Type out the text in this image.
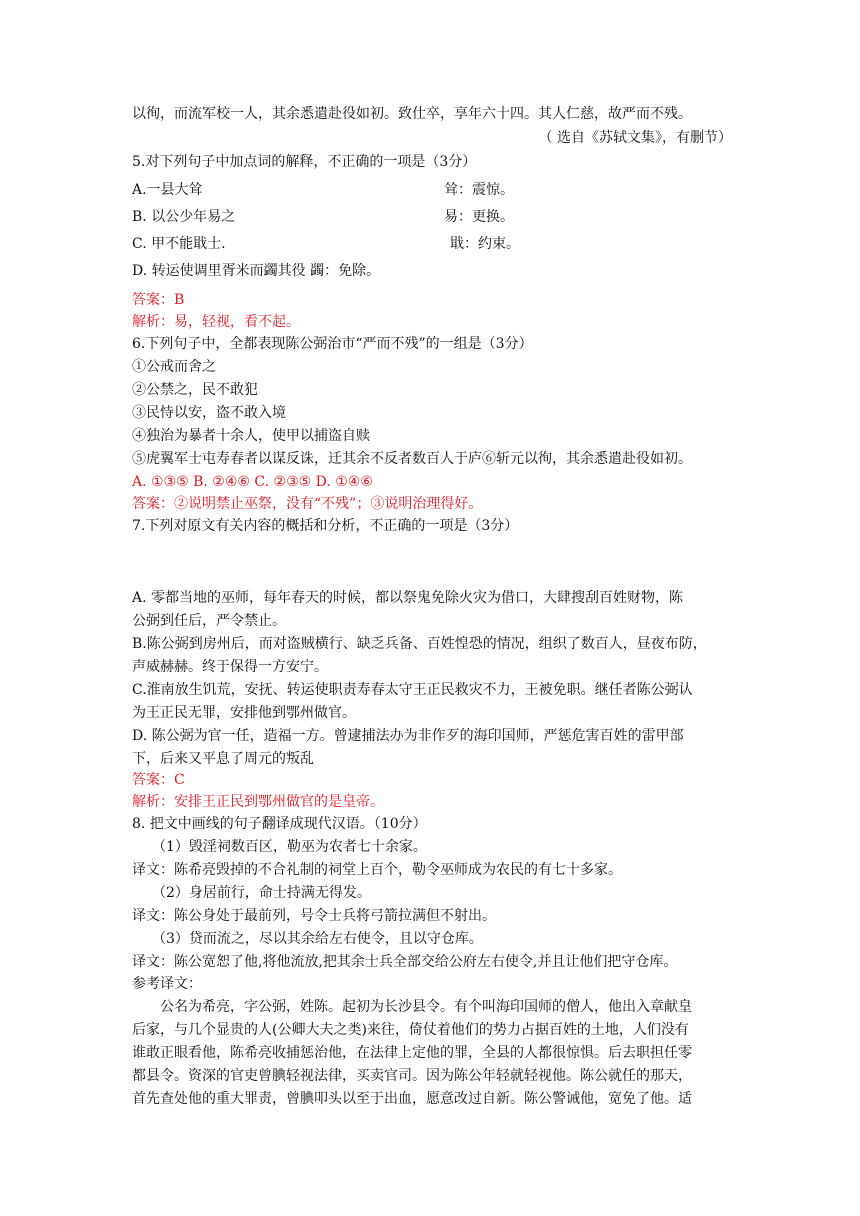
以徇，而流军校一人，其余悉遣赴役如初。致仕卒，享年六十四。其人仁慈，故严而不残。
（ 选自《苏轼文集》，有删节）
5.对下列句子中加点词的解释，不正确的一项是（3分）
A.一县大耸	耸：震惊。
B. 以公少年易之	易：更换。
C. 甲不能戢士.	戢：约束。
D. 转运使调里胥米而蠲其役 蠲：免除。
答案：B
解析：易，轻视，看不起。
6.下列句子中，全都表现陈公弼治市“严而不残”的一组是（3分）
①公戒而舍之
②公禁之，民不敢犯
③民恃以安，盗不敢入境
④独治为暴者十余人，使甲以捕盗自赎
⑤虎翼军士屯寿春者以谋反诛，迁其余不反者数百人于庐⑥斩元以徇，其余悉遣赴役如初。
A. ①③⑤ B. ②④⑥ C. ②③⑤ D. ①④⑥
答案：②说明禁止巫祭，没有“不残”；③说明治理得好。
7.下列对原文有关内容的概括和分析，不正确的一项是（3分）
A. 零都当地的巫师，每年春天的时候，都以祭鬼免除火灾为借口，大肆搜刮百姓财物，陈
公弼到任后，严令禁止。
B.陈公弼到房州后，而对盗贼横行、缺乏兵备、百姓惶恐的情况，组织了数百人，昼夜布防，
声威赫赫。终于保得一方安宁。
C.淮南放生饥荒，安抚、转运使职责寿春太守王正民救灾不力，王被免职。继任者陈公弼认
为王正民无罪，安排他到鄂州做官。
D. 陈公弼为官一任，造福一方。曾逮捕法办为非作歹的海印国师，严惩危害百姓的雷甲部
下，后来又平息了周元的叛乱
答案：C
解析：安排王正民到鄂州做官的是皇帝。
8. 把文中画线的句子翻译成现代汉语。（10分）
（1）毁淫祠数百区，勒巫为农者七十余家。
译文：陈希亮毁掉的不合礼制的祠堂上百个，勒令巫师成为农民的有七十多家。
（2）身居前行，命士持满无得发。
译文：陈公身处于最前列，号令士兵将弓箭拉满但不射出。
（3）贷而流之，尽以其余给左右使令，且以守仓库。
译文：陈公宽恕了他,将他流放,把其余士兵全部交给公府左右使令,并且让他们把守仓库。
参考译文：
公名为希亮，字公弼，姓陈。起初为长沙县令。有个叫海印国师的僧人，他出入章献皇
后家，与几个显贵的人(公卿大夫之类)来往，倚仗着他们的势力占据百姓的土地，人们没有
谁敢正眼看他，陈希亮收捕惩治他，在法律上定他的罪，全县的人都很惊惧。后去职担任零
都县令。资深的官吏曾腆轻视法律，买卖官司。因为陈公年轻就轻视他。陈公就任的那天，
首先查处他的重大罪责，曾腆叩头以至于出血，愿意改过自新。陈公警诫他，宽免了他。适
